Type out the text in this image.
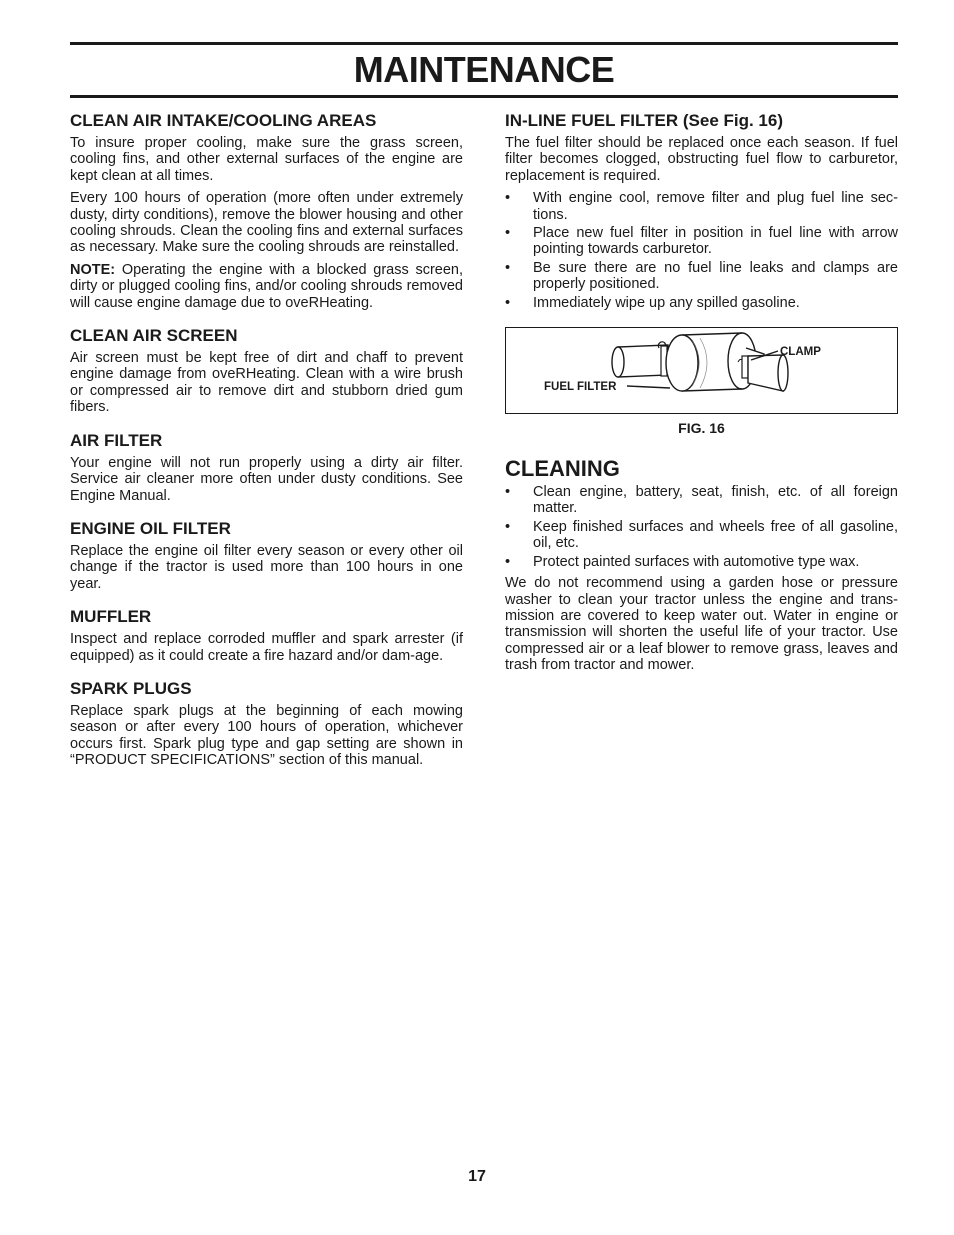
MAINTENANCE
CLEAN AIR INTAKE/COOLING AREAS

To insure proper cooling, make sure the grass screen, cooling fins, and other external surfaces of the engine are kept clean at all times.

Every 100 hours of operation (more often under extremely dusty, dirty conditions), remove the blower housing and other cooling shrouds. Clean the cooling fins and external surfaces as necessary. Make sure the cooling shrouds are reinstalled.

NOTE: Operating the engine with a blocked grass screen, dirty or plugged cooling fins, and/or cooling shrouds removed will cause engine damage due to oveRHeating.

CLEAN AIR SCREEN

Air screen must be kept free of dirt and chaff to prevent engine damage from oveRHeating. Clean with a wire brush or compressed air to remove dirt and stubborn dried gum fibers.

AIR FILTER

Your engine will not run properly using a dirty air filter. Service air cleaner more often under dusty conditions. See Engine Manual.

ENGINE OIL FILTER

Replace the engine oil filter every season or every other oil change if the tractor is used more than 100 hours in one year.

MUFFLER

Inspect and replace corroded muffler and spark arrester (if equipped) as it could create a fire hazard and/or dam-age.

SPARK PLUGS

Replace spark plugs at the beginning of each mowing season or after every 100 hours of operation, whichever occurs first. Spark plug type and gap setting are shown in “PRODUCT SPECIFICATIONS” section of this manual.

IN-LINE FUEL FILTER (See Fig. 16)

The fuel filter should be replaced once each season. If fuel filter becomes clogged, obstructing fuel flow to carburetor, replacement is required.

• With engine cool, remove filter and plug fuel line sec-tions.
• Place new fuel filter in position in fuel line with arrow pointing towards carburetor.
• Be sure there are no fuel line leaks and clamps are properly positioned.
• Immediately wipe up any spilled gasoline.
CLAMP
FUEL FILTER
FIG. 16
CLEANING
• Clean engine, battery, seat, finish, etc. of all foreign matter.
• Keep finished surfaces and wheels free of all gasoline, oil, etc.
• Protect painted surfaces with automotive type wax.

We do not recommend using a garden hose or pressure washer to clean your tractor unless the engine and trans-mission are covered to keep water out. Water in engine or transmission will shorten the useful life of your tractor. Use compressed air or a leaf blower to remove grass, leaves and trash from tractor and mower.

17
